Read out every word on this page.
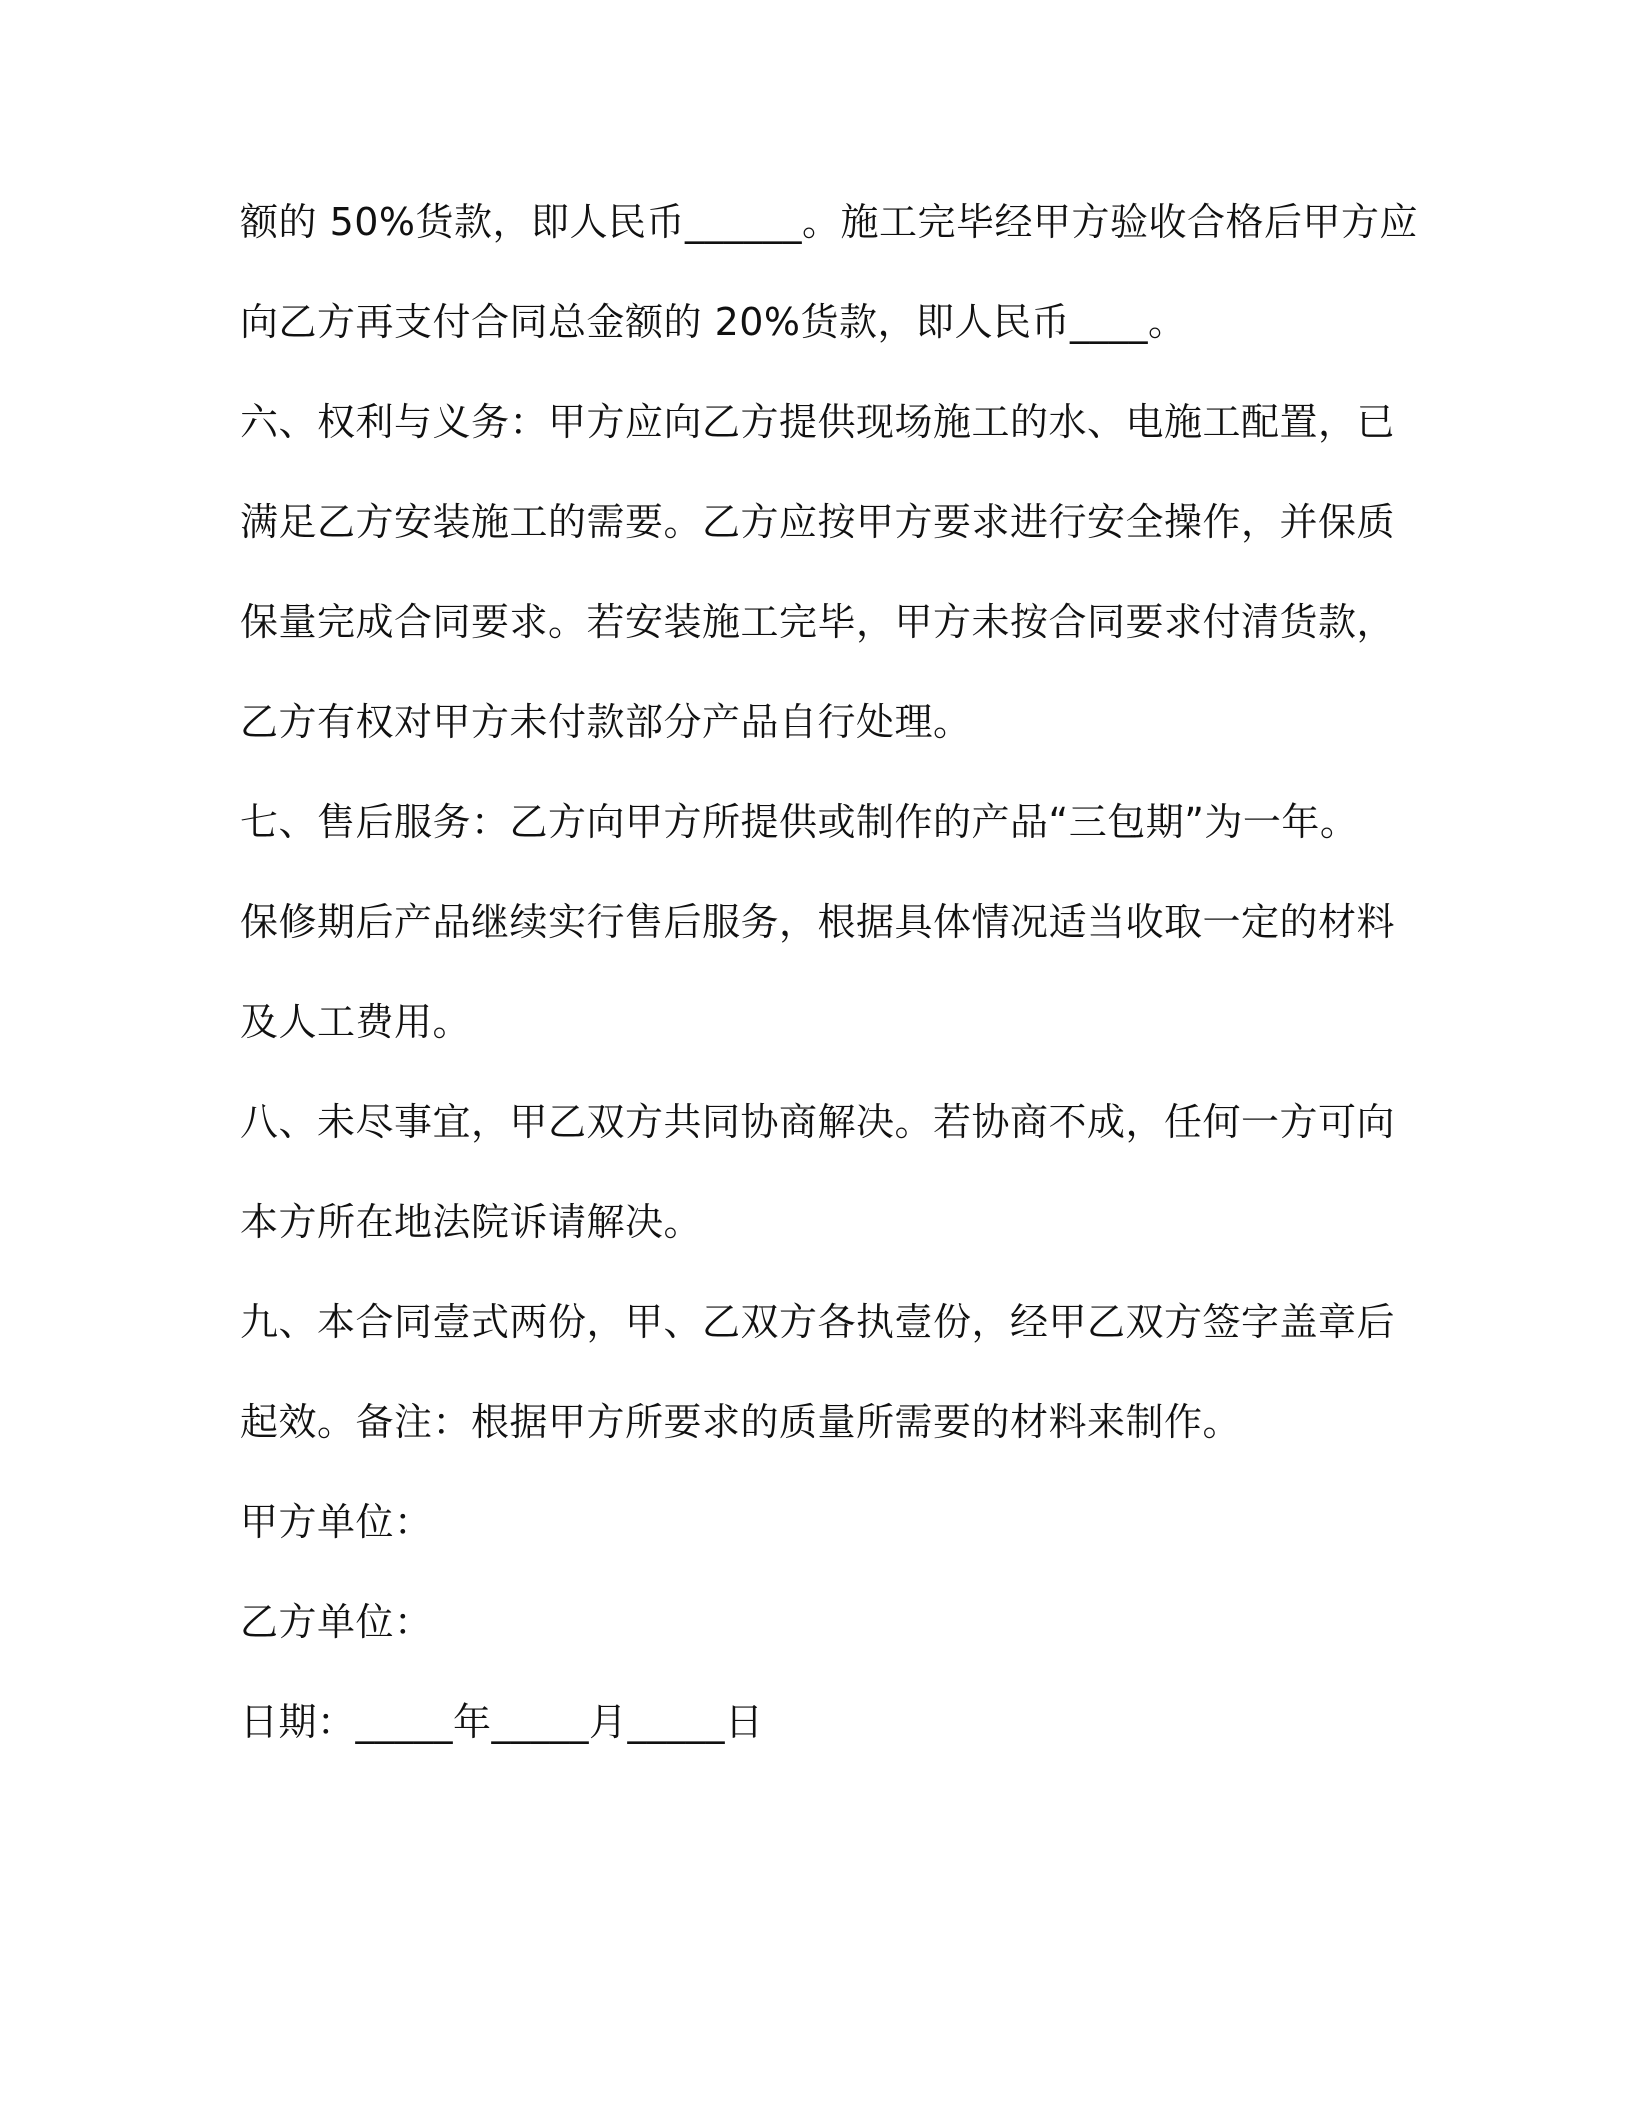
额的 50%货款，即人民币______。施工完毕经甲方验收合格后甲方应
向乙方再支付合同总金额的 20%货款，即人民币____。
六、权利与义务：甲方应向乙方提供现场施工的水、电施工配置，已
满足乙方安装施工的需要。乙方应按甲方要求进行安全操作，并保质
保量完成合同要求。若安装施工完毕，甲方未按合同要求付清货款，
乙方有权对甲方未付款部分产品自行处理。
七、售后服务：乙方向甲方所提供或制作的产品“三包期”为一年。
保修期后产品继续实行售后服务，根据具体情况适当收取一定的材料
及人工费用。
八、未尽事宜，甲乙双方共同协商解决。若协商不成，任何一方可向
本方所在地法院诉请解决。
九、本合同壹式两份，甲、乙双方各执壹份，经甲乙双方签字盖章后
起效。备注：根据甲方所要求的质量所需要的材料来制作。
甲方单位：
乙方单位：
日期：_____年_____月_____日
